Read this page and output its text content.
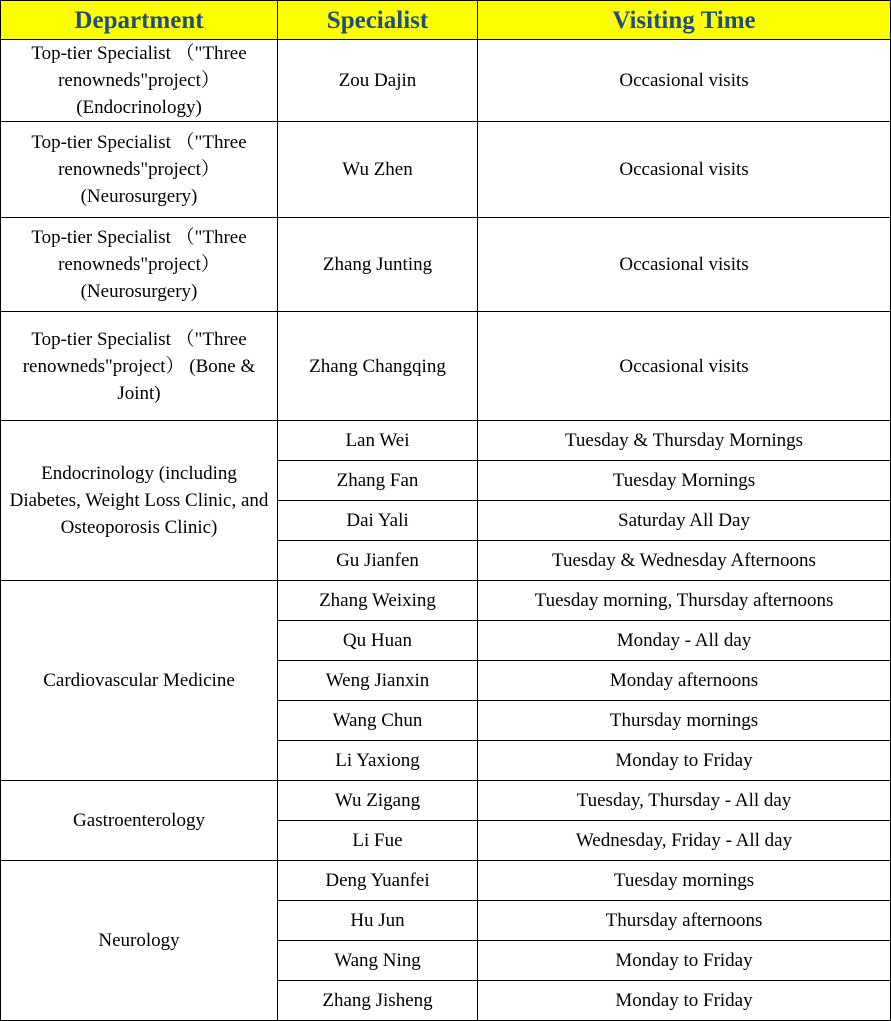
Department	Specialist	Visiting Time
Top-tier Specialist （"Three renowneds"project） (Endocrinology)	Zou Dajin	Occasional visits
Top-tier Specialist （"Three renowneds"project） (Neurosurgery)	Wu Zhen	Occasional visits
Top-tier Specialist （"Three renowneds"project） (Neurosurgery)	Zhang Junting	Occasional visits
Top-tier Specialist （"Three renowneds"project） (Bone & Joint)	Zhang Changqing	Occasional visits
Endocrinology (including Diabetes, Weight Loss Clinic, and Osteoporosis Clinic)	Lan Wei	Tuesday & Thursday Mornings
	Zhang Fan	Tuesday Mornings
	Dai Yali	Saturday All Day
	Gu Jianfen	Tuesday & Wednesday Afternoons
Cardiovascular Medicine	Zhang Weixing	Tuesday morning, Thursday afternoons
	Qu Huan	Monday - All day
	Weng Jianxin	Monday afternoons
	Wang Chun	Thursday mornings
	Li Yaxiong	Monday to Friday
Gastroenterology	Wu Zigang	Tuesday, Thursday - All day
	Li Fue	Wednesday, Friday - All day
Neurology	Deng Yuanfei	Tuesday mornings
	Hu Jun	Thursday afternoons
	Wang Ning	Monday to Friday
	Zhang Jisheng	Monday to Friday
